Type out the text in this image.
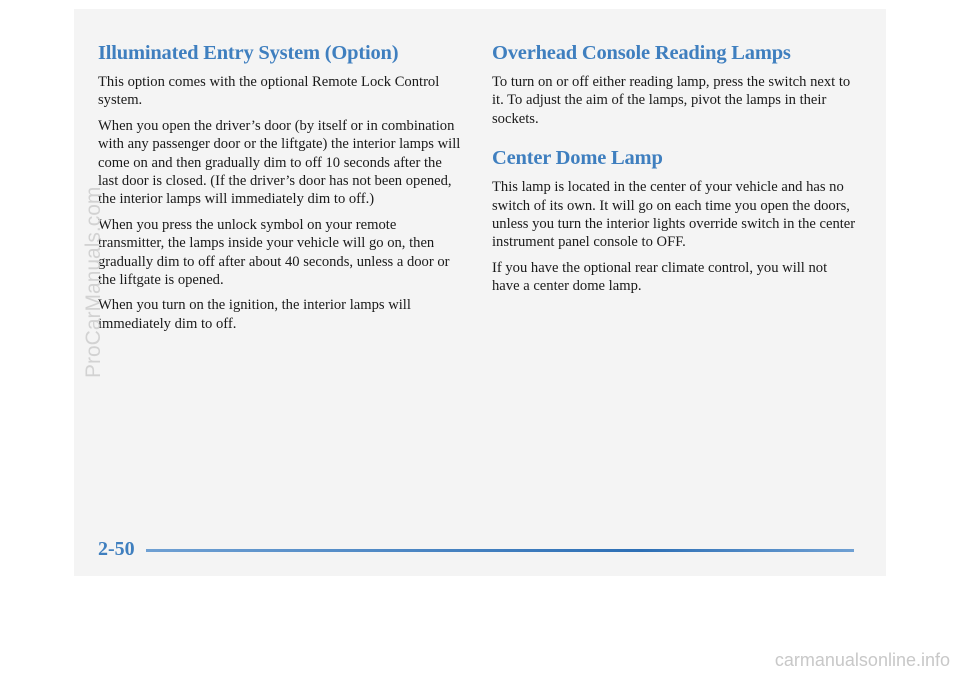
Illuminated Entry System (Option)

This option comes with the optional Remote Lock Control system.

When you open the driver’s door (by itself or in combination with any passenger door or the liftgate) the interior lamps will come on and then gradually dim to off 10 seconds after the last door is closed. (If the driver’s door has not been opened, the interior lamps will immediately dim to off.)

When you press the unlock symbol on your remote transmitter, the lamps inside your vehicle will go on, then gradually dim to off after about 40 seconds, unless a door or the liftgate is opened.

When you turn on the ignition, the interior lamps will immediately dim to off.

Overhead Console Reading Lamps

To turn on or off either reading lamp, press the switch next to it. To adjust the aim of the lamps, pivot the lamps in their sockets.

Center Dome Lamp

This lamp is located in the center of your vehicle and has no switch of its own. It will go on each time you open the doors, unless you turn the interior lights override switch in the center instrument panel console to OFF.

If you have the optional rear climate control, you will not have a center dome lamp.

2-50
ProCarManuals.com
carmanualsonline.info
